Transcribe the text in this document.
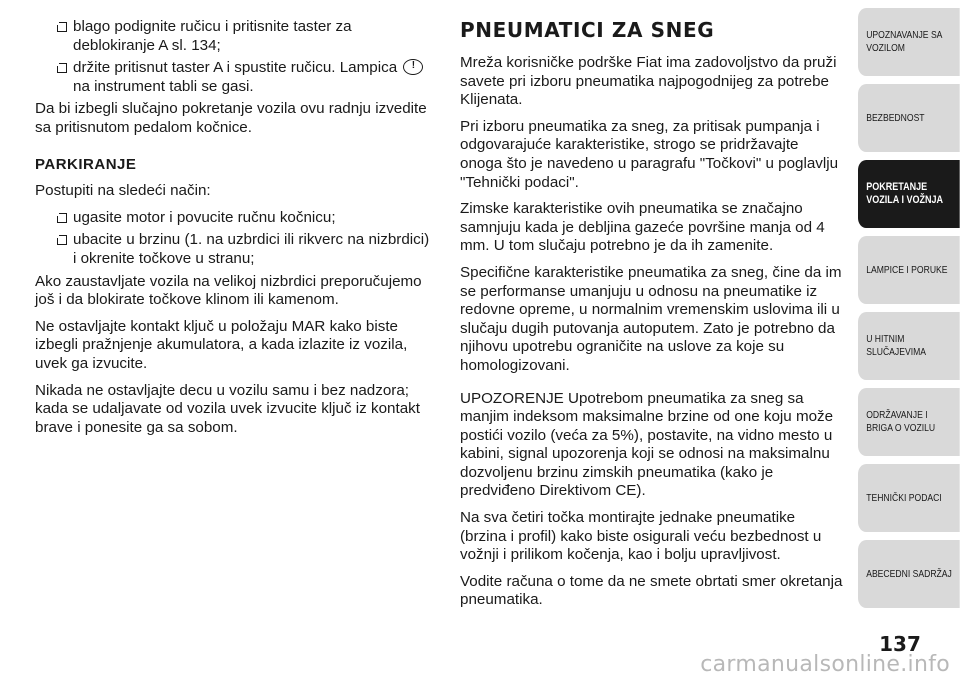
blago podignite ručicu i pritisnite taster za deblokiranje A sl. 134;
držite pritisnut taster A i spustite ručicu. Lampica	!
na instrument tabli se gasi.

Da bi izbegli slučajno pokretanje vozila ovu radnju izvedite sa pritisnutom pedalom kočnice.

PARKIRANJE

Postupiti na sledeći način:

ugasite motor i povucite ručnu kočnicu;
ubacite u brzinu (1. na uzbrdici ili rikverc na nizbrdici) i okrenite točkove u stranu;

Ako zaustavljate vozila na velikoj nizbrdici preporučujemo još i da blokirate točkove klinom ili kamenom.

Ne ostavljajte kontakt ključ u položaju MAR kako biste izbegli pražnjenje akumulatora, a kada izlazite iz vozila, uvek ga izvucite.

Nikada ne ostavljajte decu u vozilu samu i bez nadzora; kada se udaljavate od vozila uvek izvucite ključ iz kontakt brave i ponesite ga sa sobom.

PNEUMATICI ZA SNEG

Mreža korisničke podrške Fiat ima zadovoljstvo da pruži savete pri izboru pneumatika najpogodnijeg za potrebe Klijenata.

Pri izboru pneumatika za sneg, za pritisak pumpanja i odgovarajuće karakteristike, strogo se pridržavajte onoga što je navedeno u paragrafu "Točkovi" u poglavlju "Tehnički podaci".

Zimske karakteristike ovih pneumatika se značajno samnjuju kada je debljina gazeće površine manja od 4 mm. U tom slučaju potrebno je da ih zamenite.

Specifične karakteristike pneumatika za sneg, čine da im se performanse umanjuju u odnosu na pneumatike iz redovne opreme, u normalnim vremenskim uslovima ili u slučaju dugih putovanja autoputem. Zato je potrebno da njihovu upotrebu ograničite na uslove za koje su homologizovani.

UPOZORENJE Upotrebom pneumatika za sneg sa manjim indeksom maksimalne brzine od one koju može postići vozilo (veća za 5%), postavite, na vidno mesto u kabini, signal upozorenja koji se odnosi na maksimalnu dozvoljenu brzinu zimskih pneumatika (kako je predviđeno Direktivom CE).

Na sva četiri točka montirajte jednake pneumatike (brzina i profil) kako biste osigurali veću bezbednost u vožnji i prilikom kočenja, kao i bolju upravljivost.

Vodite računa o tome da ne smete obrtati smer okretanja pneumatika.

UPOZNAVANJE SA
VOZILOM
BEZBEDNOST
POKRETANJE
VOZILA I VOŽNJA
LAMPICE I PORUKE
U HITNIM
SLUČAJEVIMA
ODRŽAVANJE I
BRIGA O VOZILU
TEHNIČKI PODACI
ABECEDNI SADRŽAJ
137
carmanualsonline.info
